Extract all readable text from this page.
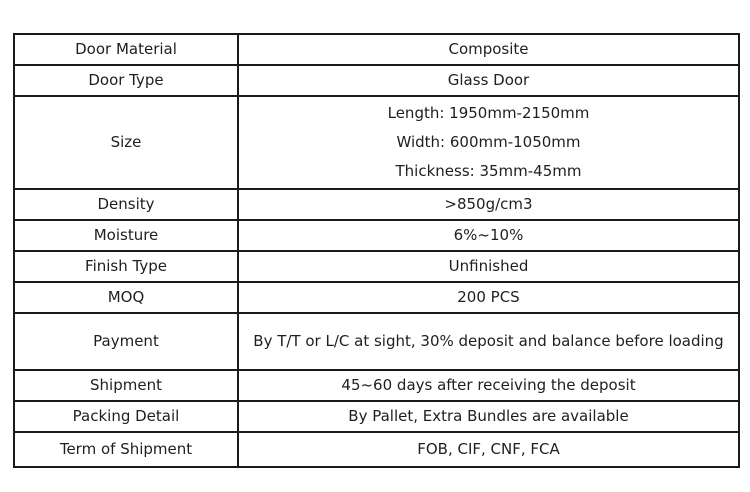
Door Material	Composite
Door Type	Glass Door
Size	Length: 1950mm-2150mm
Width: 600mm-1050mm
Thickness: 35mm-45mm

Density	>850g/cm3
Moisture	6%~10%
Finish Type	Unfinished
MOQ	200 PCS
Payment	By T/T or L/C at sight, 30% deposit and balance before loading
Shipment	45~60 days after receiving the deposit
Packing Detail	By Pallet, Extra Bundles are available
Term of Shipment	FOB, CIF, CNF, FCA
